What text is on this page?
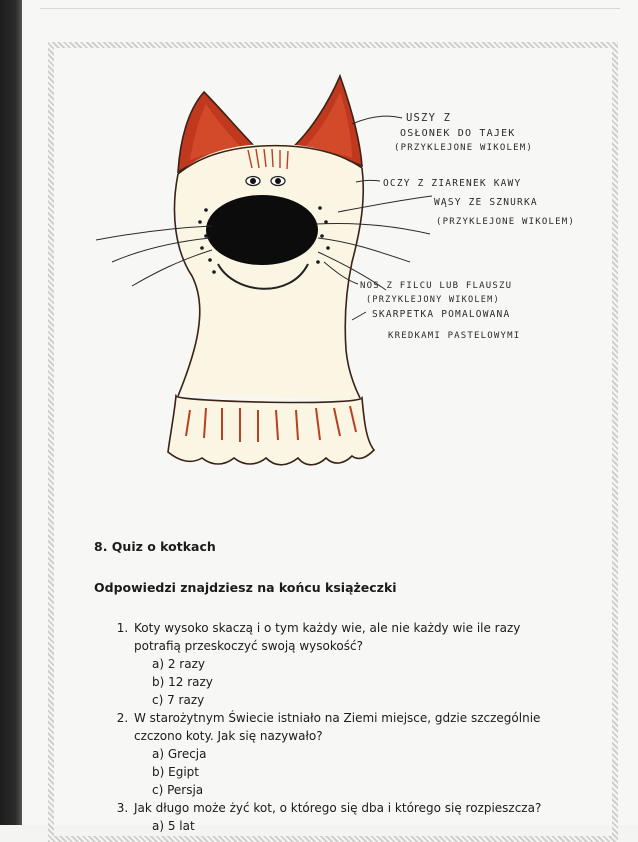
USZY Z
OSŁONEK DO TAJEK
(PRZYKLEJONE WIKOLEM)
OCZY Z ZIARENEK KAWY
WĄSY ZE SZNURKA
(PRZYKLEJONE WIKOLEM)
NOS Z FILCU LUB FLAUSZU
(PRZYKLEJONY WIKOLEM)
SKARPETKA POMALOWANA
KREDKAMI PASTELOWYMI

8. Quiz o kotkach

Odpowiedzi znajdziesz na końcu książeczki

1. Koty wysoko skaczą i o tym każdy wie, ale nie każdy wie ile razy potrafią przeskoczyć swoją wysokość?
a) 2 razy
b) 12 razy
c) 7 razy
2. W starożytnym Świecie istniało na Ziemi miejsce, gdzie szczególnie czczono koty. Jak się nazywało?
a) Grecja
b) Egipt
c) Persja
3. Jak długo może żyć kot, o którego się dba i którego się rozpieszcza?
a) 5 lat
